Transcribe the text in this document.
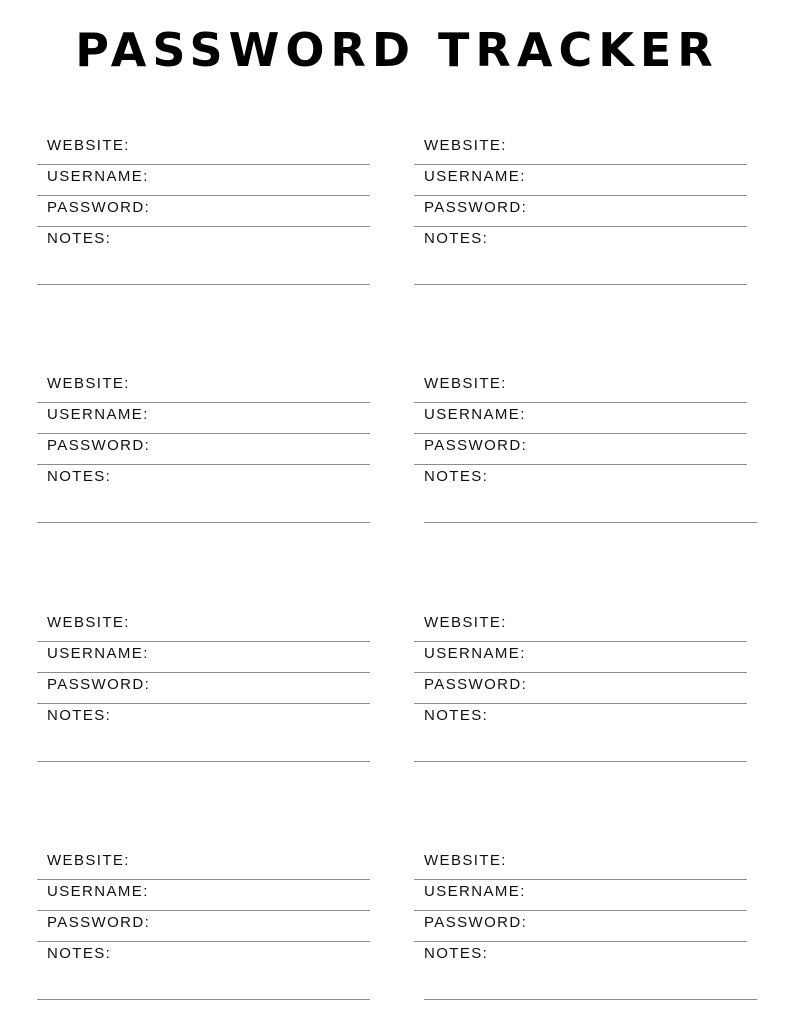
PASSWORD TRACKER
WEBSITE:
USERNAME:
PASSWORD:
NOTES:
WEBSITE:
USERNAME:
PASSWORD:
NOTES:
WEBSITE:
USERNAME:
PASSWORD:
NOTES:
WEBSITE:
USERNAME:
PASSWORD:
NOTES:
WEBSITE:
USERNAME:
PASSWORD:
NOTES:
WEBSITE:
USERNAME:
PASSWORD:
NOTES:
WEBSITE:
USERNAME:
PASSWORD:
NOTES:
WEBSITE:
USERNAME:
PASSWORD:
NOTES:
